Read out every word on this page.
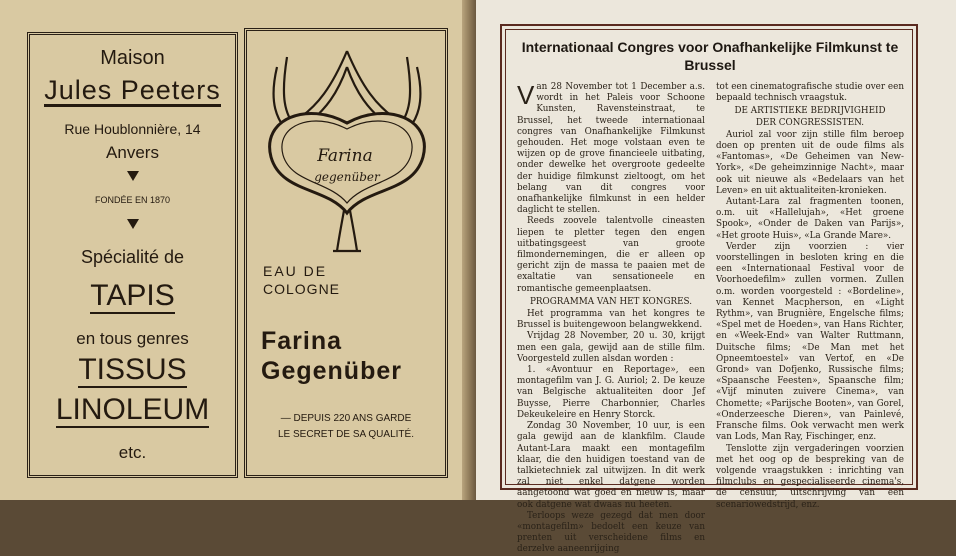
Maison
Jules Peeters
Rue Houblonnière, 14
Anvers
FONDÉE EN 1870
Spécialité de
TAPIS
en tous genres
TISSUS
LINOLEUM
etc.
Farina
gegenüber
EAU DE
COLOGNE
Farina
Gegenüber
— DEPUIS 220 ANS GARDE
LE SECRET DE SA QUALITÉ.
Internationaal Congres voor Onafhankelijke Filmkunst te Brussel

Van 28 November tot 1 December a.s. wordt in het Paleis voor Schoone Kunsten, Ravensteinstraat, te Brussel, het tweede internationaal congres van Onafhankelijke Filmkunst gehouden. Het moge volstaan even te wijzen op de grove financieele uitbating, onder dewelke het overgroote gedeelte der huidige filmkunst zieltoogt, om het belang van dit congres voor onafhankelijke filmkunst in een helder daglicht te stellen.

Reeds zoovele talentvolle cineasten liepen te pletter tegen den engen uitbatingsgeest van groote filmondernemingen, die er alleen op gericht zijn de massa te paaien met de exaltatie van sensationeele en romantische gemeenplaatsen.

PROGRAMMA VAN HET KONGRES.

Het programma van het kongres te Brussel is buitengewoon belangwekkend.

Vrijdag 28 November, 20 u. 30, krijgt men een gala, gewijd aan de stille film. Voorgesteld zullen alsdan worden :

1. «Avontuur en Reportage», een montagefilm van J. G. Auriol; 2. De keuze van Belgische aktualiteiten door Jef Buysse, Pierre Charbonnier, Charles Dekeukeleire en Henry Storck.

Zondag 30 November, 10 uur, is een gala gewijd aan de klankfilm. Claude Autant-Lara maakt een montagefilm klaar, die den huidigen toestand van de talkietechniek zal uitwijzen. In dit werk zal niet enkel datgene worden aangetoond wat goed en nieuw is, maar ook datgene wat dwaas nu heeten.

Terloops weze gezegd dat men door «montagefilm» bedoelt een keuze van prenten uit verscheidene films en derzelve aaneenrijging

tot een cinematografische studie over een bepaald technisch vraagstuk.

DE ARTISTIEKE BEDRIJVIGHEID

DER CONGRESSISTEN.

Auriol zal voor zijn stille film beroep doen op prenten uit de oude films als «Fantomas», «De Geheimen van New-York», «De geheimzinnige Nacht», maar ook uit nieuwe als «Bedelaars van het Leven» en uit aktualiteiten-kronieken.

Autant-Lara zal fragmenten toonen, o.m. uit «Hallelujah», «Het groene Spook», «Onder de Daken van Parijs», «Het groote Huis», «La Grande Mare».

Verder zijn voorzien : vier voorstellingen in besloten kring en die een «Internationaal Festival voor de Voorhoedefilm» zullen vormen. Zullen o.m. worden voorgesteld : «Bordeline», van Kennet Macpherson, en «Light Rythm», van Brugnière, Engelsche films; «Spel met de Hoeden», van Hans Richter, en «Week-End» van Walter Ruttmann, Duitsche films; «De Man met het Opneemtoestel» van Vertof, en «De Grond» van Dofjenko, Russische films; «Spaansche Feesten», Spaansche film; «Vijf minuten zuivere Cinema», van Chomette; «Parijsche Booten», van Gorel, «Onderzeesche Dieren», van Painlevé, Fransche films. Ook verwacht men werk van Lods, Man Ray, Fischinger, enz.

Tenslotte zijn vergaderingen voorzien met het oog op de bespreking van de volgende vraagstukken : inrichting van filmclubs en gespecialiseerde cinema's, de censuur, uitschrijving van een scenariowedstrijd, enz.
